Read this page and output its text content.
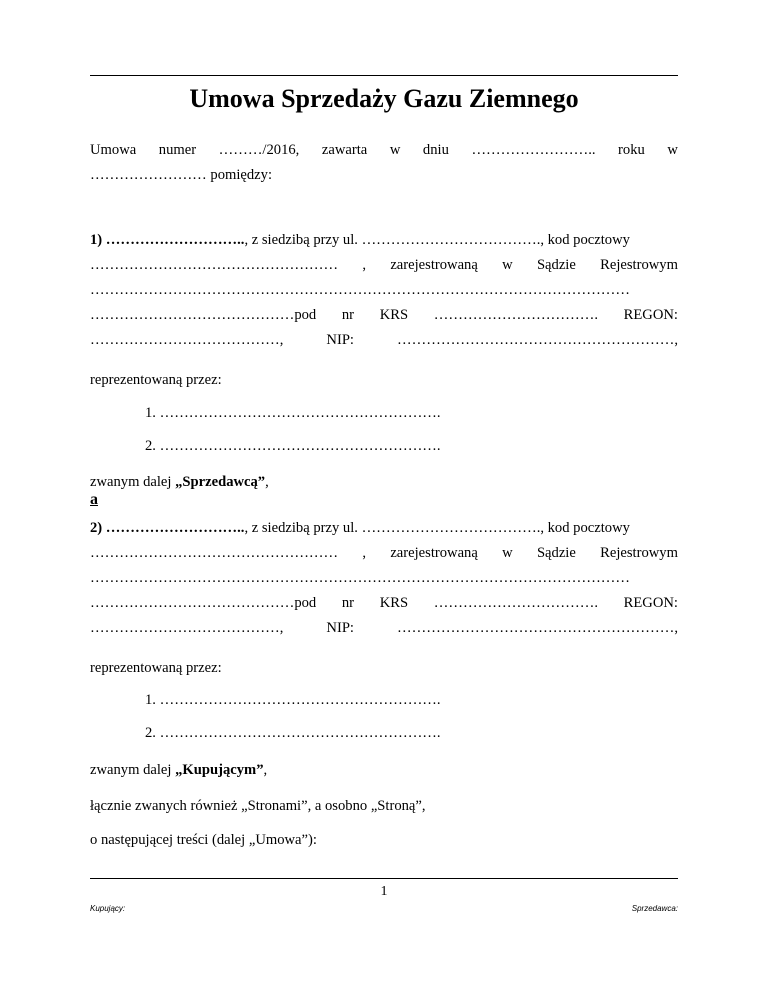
Umowa Sprzedaży Gazu Ziemnego
Umowa numer ………/2016, zawarta w dniu …………………….. roku w
…………………… pomiędzy:
1) ……………………….., z siedzibą przy ul. ………………………………., kod pocztowy
…………………………………………… , zarejestrowaną w Sądzie Rejestrowym
…………………………………………………………………………………………………
……………………………………pod nr KRS ……………………………. REGON:
…………………………………,	NIP:	…………………………………………………,
reprezentowaną przez:
1. ………………………………………………….
2. ………………………………………………….
zwanym dalej „Sprzedawcą”,
a
2) ……………………….., z siedzibą przy ul. ………………………………., kod pocztowy
…………………………………………… , zarejestrowaną w Sądzie Rejestrowym
…………………………………………………………………………………………………
……………………………………pod nr KRS ……………………………. REGON:
…………………………………,	NIP:	…………………………………………………,
reprezentowaną przez:
1. ………………………………………………….
2. ………………………………………………….
zwanym dalej „Kupującym”,
łącznie zwanych również „Stronami”, a osobno „Stroną”,
o następującej treści (dalej „Umowa”):
1
Kupujący:	Sprzedawca:
